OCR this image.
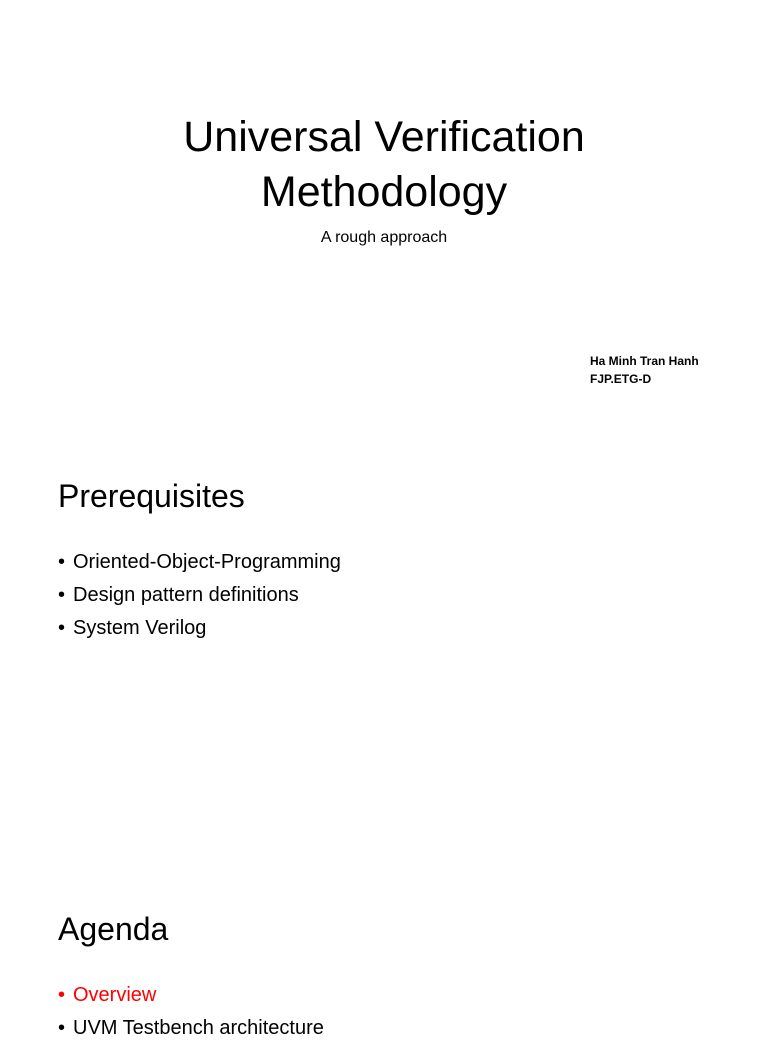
Universal Verification
Methodology
A rough approach
Ha Minh Tran Hanh
FJP.ETG-D
Prerequisites
• Oriented-Object-Programming
• Design pattern definitions
• System Verilog
Agenda
• Overview
• UVM Testbench architecture
